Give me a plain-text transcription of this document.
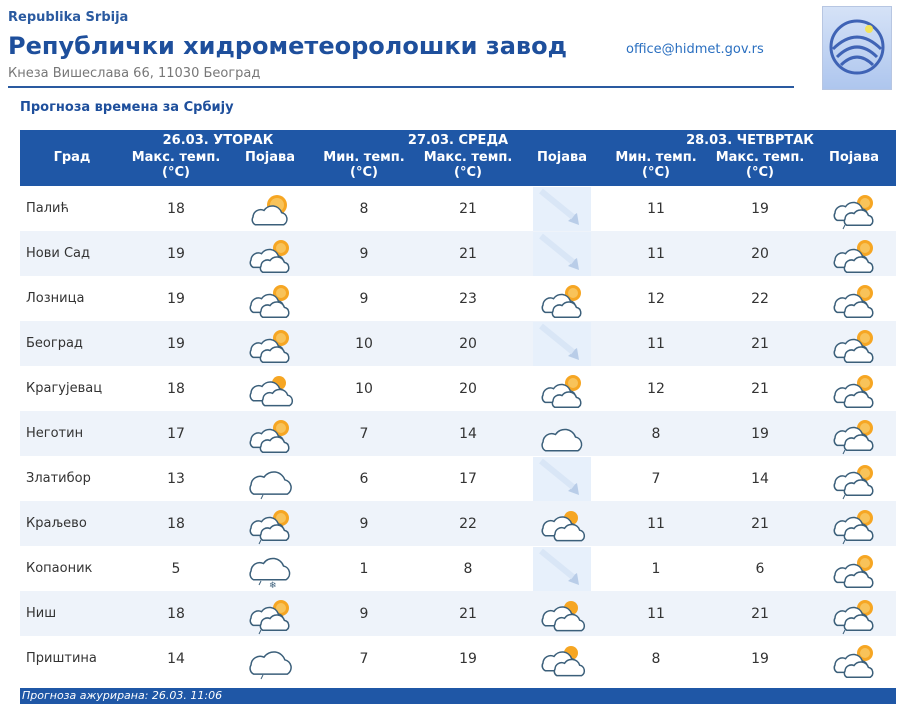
Republika Srbija
Републички хидрометеоролошки завод
Кнеза Вишеслава 66, 11030 Београд
office@hidmet.gov.rs
Прогноза времена за Србију
	26.03. УТОРАК		27.03. СРЕДА			28.03. ЧЕТВРТАК		
Град	Макс. темп.
(°C)	Појава	Мин. темп.
(°C)	Макс. темп.
(°C)	Појава	Мин. темп.
(°C)	Макс. темп.
(°C)	Појава
Палић	18		8	21		11	19	
Нови Сад	19		9	21		11	20	
Лозница	19		9	23		12	22	
Београд	19		10	20		11	21	
Крагујевац	18		10	20		12	21	
Неготин	17		7	14		8	19	
Златибор	13		6	17		7	14	
Краљево	18		9	22		11	21	
Копаоник	5	❄	1	8		1	6	
Ниш	18		9	21		11	21	
Приштина	14		7	19		8	19	
Прогноза ажурирана: 26.03. 11:06
